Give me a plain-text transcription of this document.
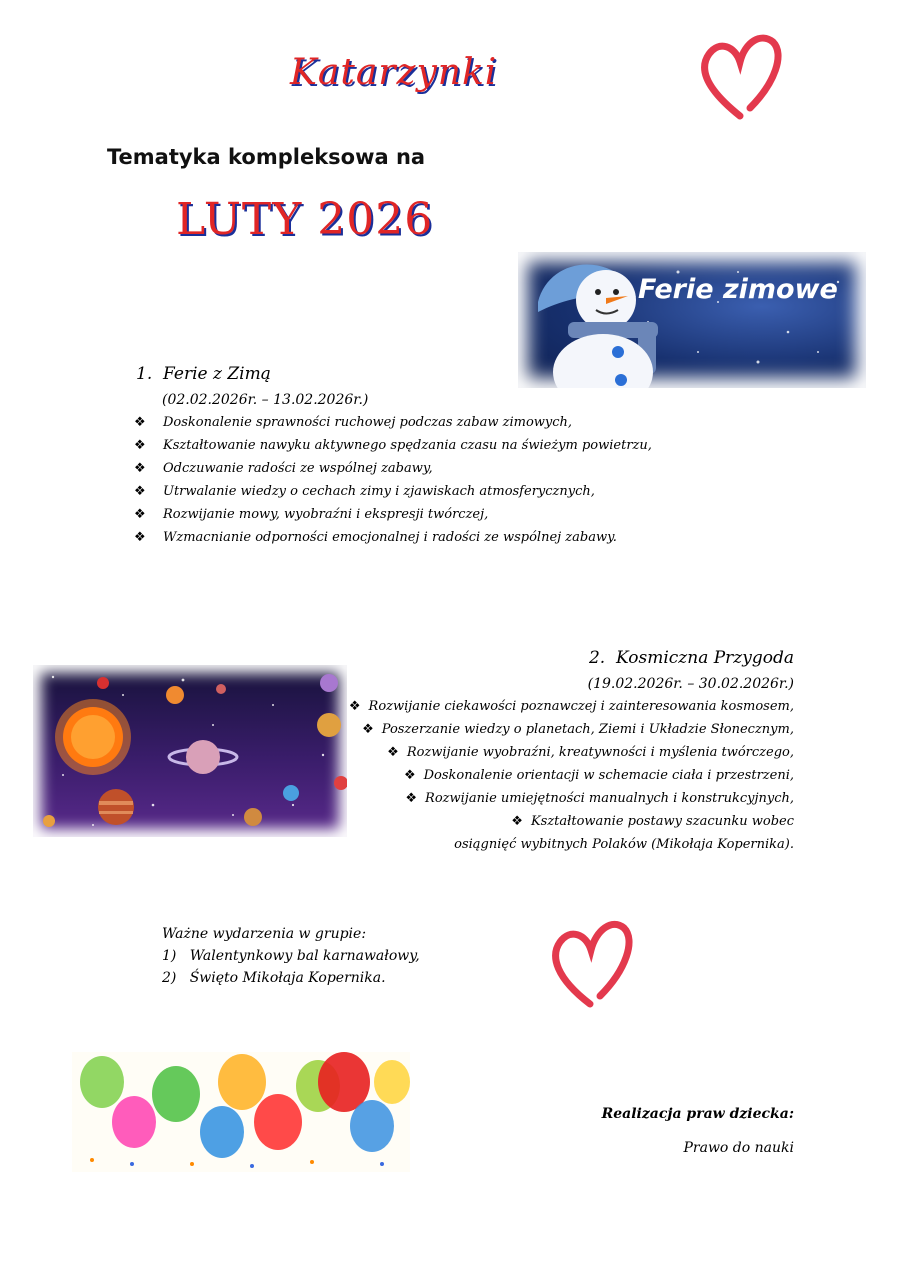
Katarzynki
Tematyka kompleksowa na
LUTY 2026
Ferie zimowe
1.  Ferie z Zimą
(02.02.2026r. – 13.02.2026r.)
❖ Doskonalenie sprawności ruchowej podczas zabaw zimowych,
❖ Kształtowanie nawyku aktywnego spędzania czasu na świeżym powietrzu,
❖ Odczuwanie radości ze wspólnej zabawy,
❖ Utrwalanie wiedzy o cechach zimy i zjawiskach atmosferycznych,
❖ Rozwijanie mowy, wyobraźni i ekspresji twórczej,
❖ Wzmacnianie odporności emocjonalnej i radości ze wspólnej zabawy.
2.  Kosmiczna Przygoda
(19.02.2026r. – 30.02.2026r.)
❖ Rozwijanie ciekawości poznawczej i zainteresowania kosmosem,
❖ Poszerzanie wiedzy o planetach, Ziemi i Układzie Słonecznym,
❖ Rozwijanie wyobraźni, kreatywności i myślenia twórczego,
❖ Doskonalenie orientacji w schemacie ciała i przestrzeni,
❖ Rozwijanie umiejętności manualnych i konstrukcyjnych,
❖ Kształtowanie postawy szacunku wobec
osiągnięć wybitnych Polaków (Mikołaja Kopernika).
Ważne wydarzenia w grupie:
1)   Walentynkowy bal karnawałowy,
2)   Święto Mikołaja Kopernika.
Realizacja praw dziecka:
Prawo do nauki
